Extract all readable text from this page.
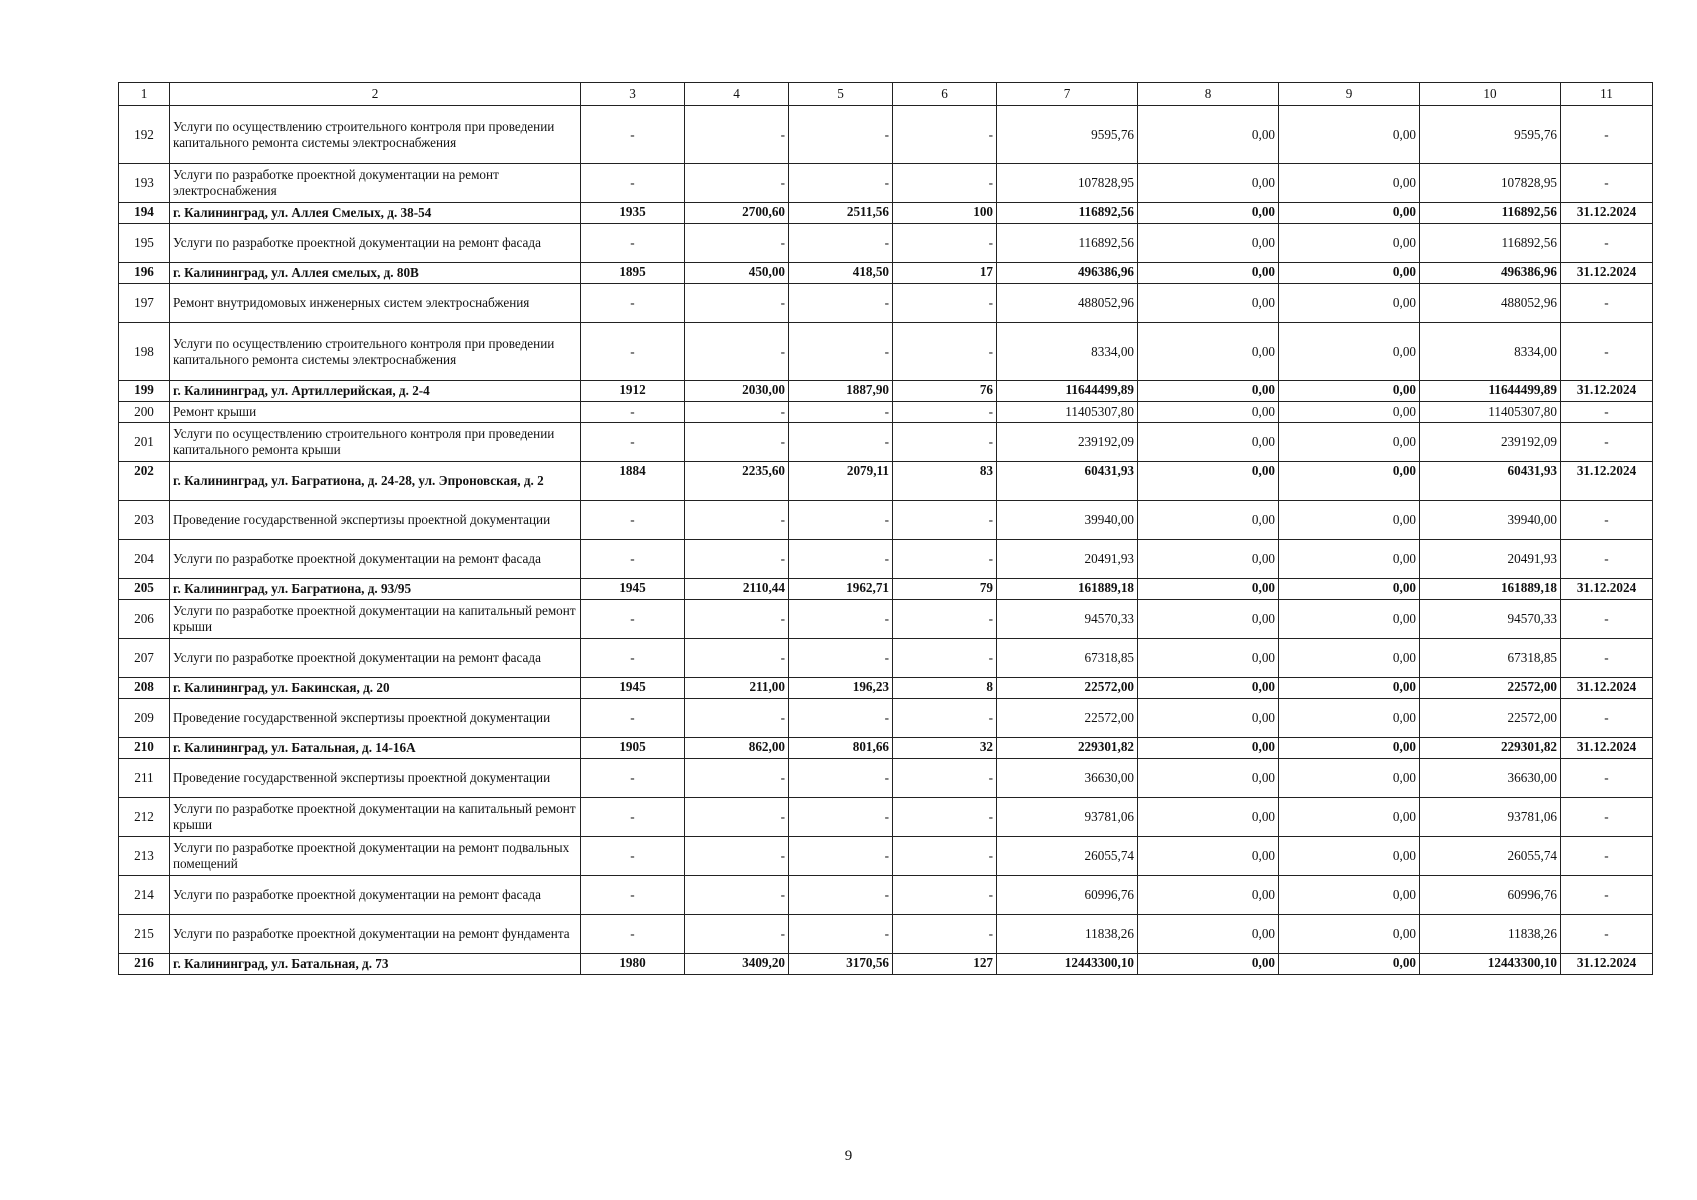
1	2	3	4	5	6	7	8	9	10	11
192	Услуги по осуществлению строительного контроля при проведении капитального ремонта системы электроснабжения	-	-	-	-	9595,76	0,00	0,00	9595,76	-
193	Услуги по разработке проектной документации на ремонт электроснабжения	-	-	-	-	107828,95	0,00	0,00	107828,95	-
194	г. Калининград, ул. Аллея Смелых, д. 38-54	1935	2700,60	2511,56	100	116892,56	0,00	0,00	116892,56	31.12.2024
195	Услуги по разработке проектной документации на ремонт фасада	-	-	-	-	116892,56	0,00	0,00	116892,56	-
196	г. Калининград, ул. Аллея смелых, д. 80В	1895	450,00	418,50	17	496386,96	0,00	0,00	496386,96	31.12.2024
197	Ремонт внутридомовых инженерных систем электроснабжения	-	-	-	-	488052,96	0,00	0,00	488052,96	-
198	Услуги по осуществлению строительного контроля при проведении капитального ремонта системы электроснабжения	-	-	-	-	8334,00	0,00	0,00	8334,00	-
199	г. Калининград, ул. Артиллерийская, д. 2-4	1912	2030,00	1887,90	76	11644499,89	0,00	0,00	11644499,89	31.12.2024
200	Ремонт крыши	-	-	-	-	11405307,80	0,00	0,00	11405307,80	-
201	Услуги по осуществлению строительного контроля при проведении капитального ремонта крыши	-	-	-	-	239192,09	0,00	0,00	239192,09	-
202	г. Калининград, ул. Багратиона, д. 24-28, ул. Эпроновская, д. 2	1884	2235,60	2079,11	83	60431,93	0,00	0,00	60431,93	31.12.2024
203	Проведение государственной экспертизы проектной документации	-	-	-	-	39940,00	0,00	0,00	39940,00	-
204	Услуги по разработке проектной документации на ремонт фасада	-	-	-	-	20491,93	0,00	0,00	20491,93	-
205	г. Калининград, ул. Багратиона, д. 93/95	1945	2110,44	1962,71	79	161889,18	0,00	0,00	161889,18	31.12.2024
206	Услуги по разработке проектной документации на капитальный ремонт крыши	-	-	-	-	94570,33	0,00	0,00	94570,33	-
207	Услуги по разработке проектной документации на ремонт фасада	-	-	-	-	67318,85	0,00	0,00	67318,85	-
208	г. Калининград, ул. Бакинская, д. 20	1945	211,00	196,23	8	22572,00	0,00	0,00	22572,00	31.12.2024
209	Проведение государственной экспертизы проектной документации	-	-	-	-	22572,00	0,00	0,00	22572,00	-
210	г. Калининград, ул. Батальная, д. 14-16А	1905	862,00	801,66	32	229301,82	0,00	0,00	229301,82	31.12.2024
211	Проведение государственной экспертизы проектной документации	-	-	-	-	36630,00	0,00	0,00	36630,00	-
212	Услуги по разработке проектной документации на капитальный ремонт крыши	-	-	-	-	93781,06	0,00	0,00	93781,06	-
213	Услуги по разработке проектной документации на ремонт подвальных помещений	-	-	-	-	26055,74	0,00	0,00	26055,74	-
214	Услуги по разработке проектной документации на ремонт фасада	-	-	-	-	60996,76	0,00	0,00	60996,76	-
215	Услуги по разработке проектной документации на ремонт фундамента	-	-	-	-	11838,26	0,00	0,00	11838,26	-
216	г. Калининград, ул. Батальная, д. 73	1980	3409,20	3170,56	127	12443300,10	0,00	0,00	12443300,10	31.12.2024
9
